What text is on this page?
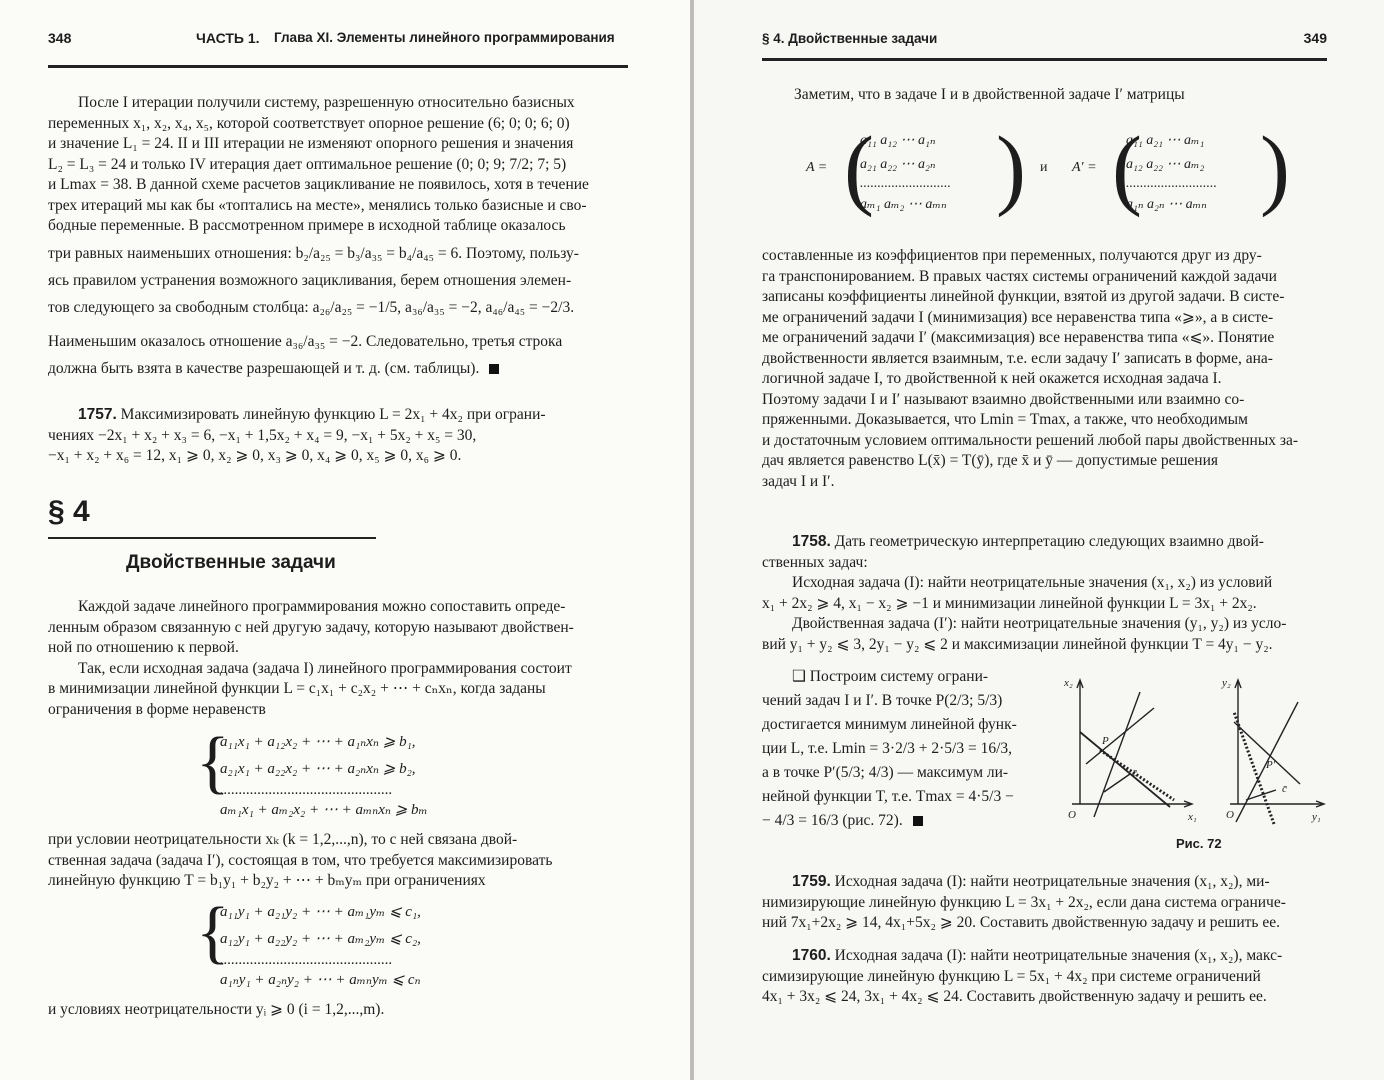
348	ЧАСТЬ 1. Глава XI. Элементы линейного программирования
После I итерации получили систему, разрешенную относительно базисных
переменных x₁, x₂, x₄, x₅, которой соответствует опорное решение (6; 0; 0; 6; 0)
и значение L₁ = 24. II и III итерации не изменяют опорного решения и значения
L₂ = L₃ = 24 и только IV итерация дает оптимальное решение (0; 0; 9; 7/2; 7; 5)
и Lmax = 38. В данной схеме расчетов зацикливание не появилось, хотя в течение
трех итераций мы как бы «топтались на месте», менялись только базисные и сво-
бодные переменные. В рассмотренном примере в исходной таблице оказалось
три равных наименьших отношения: b₂/a₂₅ = b₃/a₃₅ = b₄/a₄₅ = 6. Поэтому, пользу-
ясь правилом устранения возможного зацикливания, берем отношения элемен-
тов следующего за свободным столбца: a₂₆/a₂₅ = −1/5, a₃₆/a₃₅ = −2, a₄₆/a₄₅ = −2/3.
Наименьшим оказалось отношение a₃₆/a₃₅ = −2. Следовательно, третья строка
должна быть взята в качестве разрешающей и т. д. (см. таблицы).
1757. Максимизировать линейную функцию L = 2x₁ + 4x₂ при ограни-
чениях −2x₁ + x₂ + x₃ = 6, −x₁ + 1,5x₂ + x₄ = 9, −x₁ + 5x₂ + x₅ = 30,
−x₁ + x₂ + x₆ = 12, x₁ ⩾ 0, x₂ ⩾ 0, x₃ ⩾ 0, x₄ ⩾ 0, x₅ ⩾ 0, x₆ ⩾ 0.
§ 4
Двойственные задачи
Каждой задаче линейного программирования можно сопоставить опреде-
ленным образом связанную с ней другую задачу, которую называют двойствен-
ной по отношению к первой.
Так, если исходная задача (задача I) линейного программирования состоит
в минимизации линейной функции L = c₁x₁ + c₂x₂ + ⋯ + cₙxₙ, когда заданы
ограничения в форме неравенств
{
a₁₁x₁ + a₁₂x₂ + ⋯ + a₁ₙxₙ ⩾ b₁,
a₂₁x₁ + a₂₂x₂ + ⋯ + a₂ₙxₙ ⩾ b₂,
..............................................
aₘ₁x₁ + aₘ₂x₂ + ⋯ + aₘₙxₙ ⩾ bₘ
при условии неотрицательности xₖ (k = 1,2,...,n), то с ней связана двой-
ственная задача (задача I′), состоящая в том, что требуется максимизировать
линейную функцию T = b₁y₁ + b₂y₂ + ⋯ + bₘyₘ при ограничениях
{
a₁₁y₁ + a₂₁y₂ + ⋯ + aₘ₁yₘ ⩽ c₁,
a₁₂y₁ + a₂₂y₂ + ⋯ + aₘ₂yₘ ⩽ c₂,
..............................................
a₁ₙy₁ + a₂ₙy₂ + ⋯ + aₘₙyₘ ⩽ cₙ
и условиях неотрицательности yᵢ ⩾ 0 (i = 1,2,...,m).
§ 4. Двойственные задачи	349
Заметим, что в задаче I и в двойственной задаче I′ матрицы
A = (
a₁₁ a₁₂ ⋯ a₁ₙ
a₂₁ a₂₂ ⋯ a₂ₙ
..........................
aₘ₁ aₘ₂ ⋯ aₘₙ ) и A′ = (
a₁₁ a₂₁ ⋯ aₘ₁
a₁₂ a₂₂ ⋯ aₘ₂
..........................
a₁ₙ a₂ₙ ⋯ aₘₙ )
составленные из коэффициентов при переменных, получаются друг из дру-
га транспонированием. В правых частях системы ограничений каждой задачи
записаны коэффициенты линейной функции, взятой из другой задачи. В систе-
ме ограничений задачи I (минимизация) все неравенства типа «⩾», а в систе-
ме ограничений задачи I′ (максимизация) все неравенства типа «⩽». Понятие
двойственности является взаимным, т.е. если задачу I′ записать в форме, ана-
логичной задаче I, то двойственной к ней окажется исходная задача I.
Поэтому задачи I и I′ называют взаимно двойственными или взаимно со-
пряженными. Доказывается, что Lmin = Tmax, а также, что необходимым
и достаточным условием оптимальности решений любой пары двойственных за-
дач является равенство L(x̄) = T(ȳ), где x̄ и ȳ — допустимые решения
задач I и I′.
1758. Дать геометрическую интерпретацию следующих взаимно двой-
ственных задач:
Исходная задача (I): найти неотрицательные значения (x₁, x₂) из условий
x₁ + 2x₂ ⩾ 4, x₁ − x₂ ⩾ −1 и минимизации линейной функции L = 3x₁ + 2x₂.
Двойственная задача (I′): найти неотрицательные значения (y₁, y₂) из усло-
вий y₁ + y₂ ⩽ 3, 2y₁ − y₂ ⩽ 2 и максимизации линейной функции T = 4y₁ − y₂.
❑ Построим систему ограни-
чений задач I и I′. В точке P(2/3; 5/3)
достигается минимум линейной функ-
ции L, т.е. Lmin = 3·2/3 + 2·5/3 = 16/3,
а в точке P′(5/3; 4/3) — максимум ли-
нейной функции T, т.е. Tmax = 4·5/3 −
− 4/3 = 16/3 (рис. 72).
x₂
x₁
O
P
c̄
y₂
y₁
O
P′
c̄
Рис. 72
1759. Исходная задача (I): найти неотрицательные значения (x₁, x₂), ми-
нимизирующие линейную функцию L = 3x₁ + 2x₂, если дана система ограниче-
ний 7x₁+2x₂ ⩾ 14, 4x₁+5x₂ ⩾ 20. Составить двойственную задачу и решить ее.
1760. Исходная задача (I): найти неотрицательные значения (x₁, x₂), макс-
симизирующие линейную функцию L = 5x₁ + 4x₂ при системе ограничений
4x₁ + 3x₂ ⩽ 24, 3x₁ + 4x₂ ⩽ 24. Составить двойственную задачу и решить ее.
